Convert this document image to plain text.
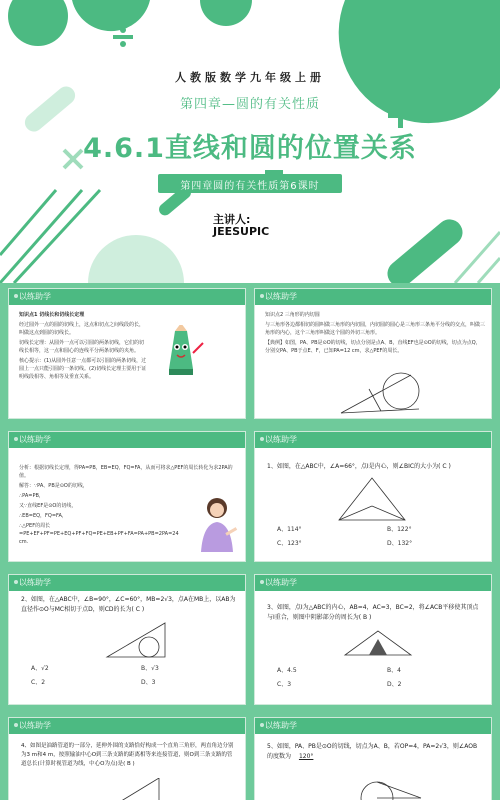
人教版数学九年级上册
第四章—圆的有关性质
4.6.1直线和圆的位置关系
第四章圆的有关性质第6课时
主讲人:
JEESUPIC
以练助学

知识点1 切线长和切线长定理

经过圆外一点的圆的切线上，这点和切点之间线段的长，叫做这点到圆的切线长。

切线长定理：从圆外一点可以引圆的两条切线，它们的切线长相等，这一点和圆心的连线平分两条切线的夹角。

核心提示：(1)从圆外任意一点都可以引圆的两条切线，过圆上一点只能引圆的一条切线。(2)切线长定理主要用于证明线段相等、角相等及垂直关系。

以练助学

知识点2 三角形的内切圆

与三角形各边都相切的圆叫做三角形的内切圆，内切圆的圆心是三角形三条角平分线的交点，叫做三角形的内心，这个三角形叫做这个圆的外切三角形。

【典例】如图，PA、PB是⊙O的切线，切点分别是点A、B，直线EF也是⊙O的切线，切点为点Q，分别交PA、PB于点E、F，已知PA=12 cm，求△PEF的周长。

以练助学

分析：根据切线长定理，得PA=PB，EB=EQ，FQ=FA，从而可将求△PEF的周长转化为求2PA的值。

解答：∵PA、PB是⊙O的切线，

∴PA=PB，

又∵直线EF是⊙O的切线，

∴EB=EQ，FQ=FA，

∴△PEF的周长=PE+EF+PF=PE+EQ+PF+FQ=PE+EB+PF+FA=PA+PB=2PA=24 cm.

以练助学
1、如图，在△ABC中，∠A=66°，点I是内心，则∠BIC的大小为( C )
A、114°	B、122°
C、123°	D、132°
以练助学
2、如图，在△ABC中，∠B=90°，∠C=60°，MB=2√3，点A在MB上，以AB为直径作⊙O与MC相切于点D，则CD的长为( C )
A、√2	B、√3
C、2	D、3
以练助学
3、如图，点I为△ABC的内心，AB=4，AC=3，BC=2，将∠ACB平移使其顶点与I重合，则图中阴影部分的周长为( B )
A、4.5	B、4
C、3	D、2
以练助学
4、如图是油路管道的一部分，延伸外围的支路恰好构成一个直角三角形，两直角边分别为3 m和4 m，按照输油中心O到三条支路的距离相等来连接管道，则O到三条支路的管道总长(计算时视管道为线，中心O为点)是( B )
以练助学
5、如图，PA、PB是⊙O的切线，切点为A、B，若OP=4，PA=2√3，则∠AOB的度数为 120°
